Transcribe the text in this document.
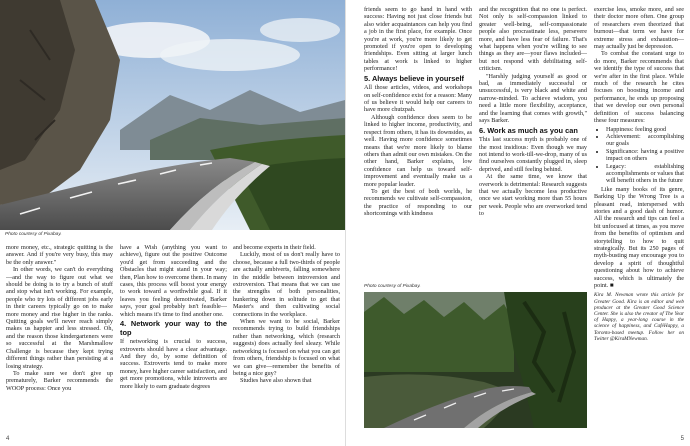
Photo courtesy of Pixabay.

more money, etc., strategic quitting is the answer. And if you're very busy, this may be the only answer."

In other words, we can't do everything—and the way to figure out what we should be doing is to try a bunch of stuff and stop what isn't working. For example, people who try lots of different jobs early in their careers typically go on to make more money and rise higher in the ranks. Quitting goals we'll never reach simply makes us happier and less stressed. Oh, and the reason those kindergarteners were so successful at the Marshmallow Challenge is because they kept trying different things rather than persisting at a losing strategy.

To make sure we don't give up prematurely, Barker recommends the WOOP process: Once you

have a Wish (anything you want to achieve), figure out the positive Outcome you'd get from succeeding and the Obstacles that might stand in your way; then, Plan how to overcome them. In many cases, this process will boost your energy to work toward a worthwhile goal. If it leaves you feeling demotivated, Barker says, your goal probably isn't feasible—which means it's time to find another one.

4. Network your way to the top

If networking is crucial to success, extroverts should have a clear advantage. And they do, by some definition of success. Extroverts tend to make more money, have higher career satisfaction, and get more promotions, while introverts are more likely to earn graduate degrees

and become experts in their field.

Luckily, most of us don't really have to choose, because a full two-thirds of people are actually ambiverts, falling somewhere in the middle between introversion and extroversion. That means that we can use the strengths of both personalities, hunkering down in solitude to get that Master's and then cultivating social connections in the workplace.

When we want to be social, Barker recommends trying to build friendships rather than networking, which (research suggests) does actually feel sleazy. While networking is focused on what you can get from others, friendship is focused on what we can give—remember the benefits of being a nice guy?

Studies have also shown that

4

friends seem to go hand in hand with success: Having not just close friends but also wider acquaintances can help you find a job in the first place, for example. Once you're at work, you're more likely to get promoted if you're open to developing friendships. Even sitting at larger lunch tables at work is linked to higher performance!

5. Always believe in yourself

All those articles, videos, and workshops on self-confidence exist for a reason: Many of us believe it would help our careers to have more chutzpah.

Although confidence does seem to be linked to higher income, productivity, and respect from others, it has its downsides, as well. Having more confidence sometimes means that we're more likely to blame others than admit our own mistakes. On the other hand, Barker explains, low confidence can help us toward self-improvement and eventually make us a more popular leader.

To get the best of both worlds, he recommends we cultivate self-compassion, the practice of responding to our shortcomings with kindness

and the recognition that no one is perfect. Not only is self-compassion linked to greater well-being, self-compassionate people also procrastinate less, persevere more, and have less fear of failure. That's what happens when you're willing to see things as they are—your flaws included—but not respond with debilitating self-criticism.

"Harshly judging yourself as good or bad, as immediately successful or unsuccessful, is very black and white and narrow-minded. To achieve wisdom, you need a little more flexibility, acceptance, and the learning that comes with growth," says Barker.

6. Work as much as you can

This last success myth is probably one of the most insidious: Even though we may not intend to work-till-we-drop, many of us find ourselves constantly plugged in, sleep deprived, and still feeling behind.

At the same time, we know that overwork is detrimental: Research suggests that we actually become less productive once we start working more than 55 hours per week. People who are overworked tend to

Photo courtesy of Pixabay.

exercise less, smoke more, and see their doctor more often. One group of researchers even theorized that burnout—that term we have for extreme stress and exhaustion—may actually just be depression.

To combat the constant urge to do more, Barker recommends that we identify the type of success that we're after in the first place. While much of the research he cites focuses on boosting income and performance, he ends up proposing that we develop our own personal definition of success balancing these four measures:

• Happiness: feeling good
• Achievement: accomplishing our goals
• Significance: having a positive impact on others
• Legacy: establishing accomplishments or values that will benefit others in the future

Like many books of its genre, Barking Up the Wrong Tree is a pleasant read, interspersed with stories and a good dash of humor. All the research and tips can feel a bit unfocused at times, as you move from the benefits of optimism and storytelling to how to quit strategically. But its 250 pages of myth-busting may encourage you to develop a spirit of thoughtful questioning about how to achieve success, which is ultimately the point. ■

Kira M. Newman wrote this article for Greater Good. Kira is an editor and web producer at the Greater Good Science Center. She is also the creator of The Year of Happy, a year-long course in the science of happiness, and CaféHappy, a Toronto-based meetup. Follow her on Twitter @KiraMNewman.

5
